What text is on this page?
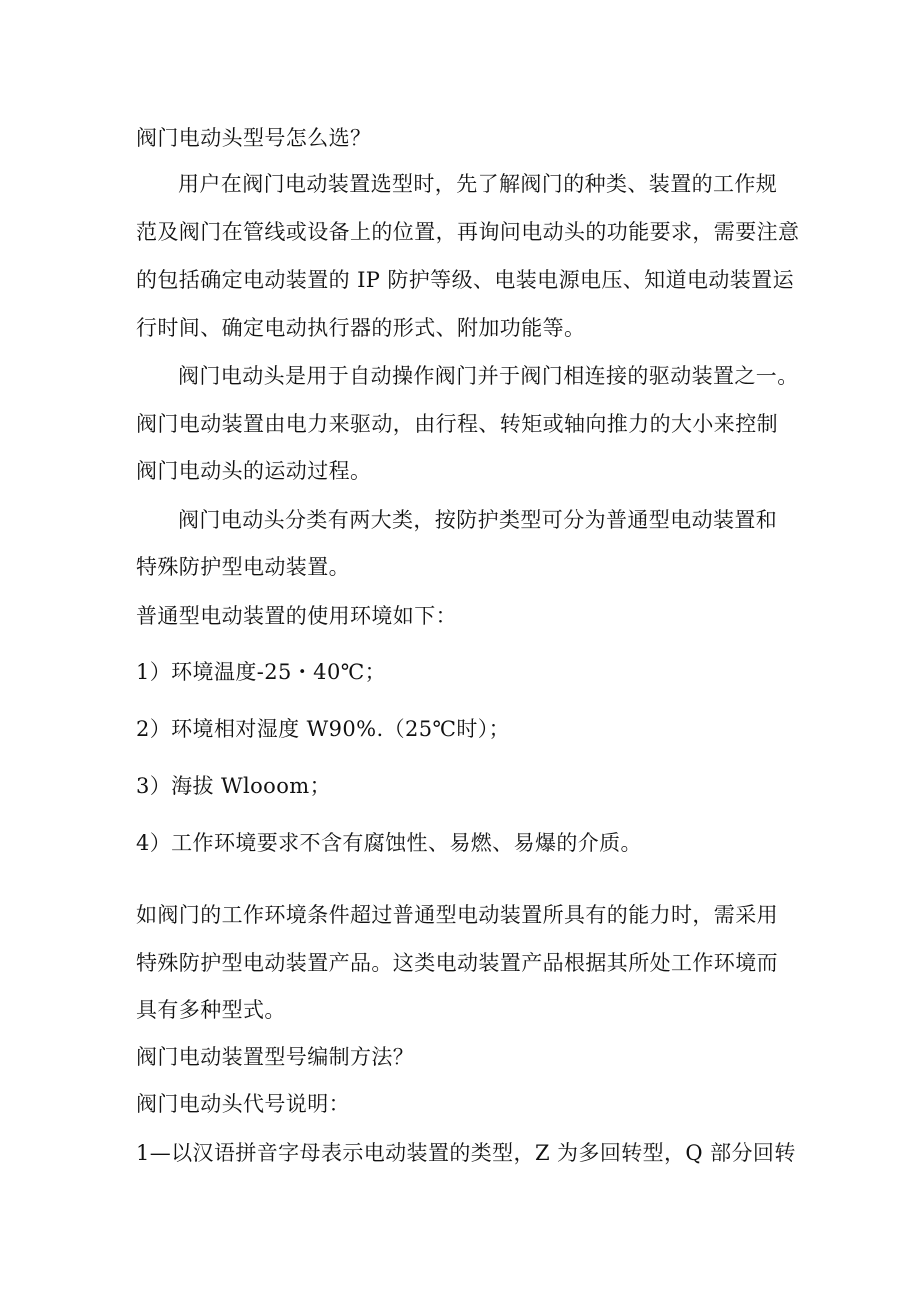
阀门电动头型号怎么选？
用户在阀门电动装置选型时，先了解阀门的种类、装置的工作规
范及阀门在管线或设备上的位置，再询问电动头的功能要求，需要注意
的包括确定电动装置的 IP 防护等级、电装电源电压、知道电动装置运
行时间、确定电动执行器的形式、附加功能等。
阀门电动头是用于自动操作阀门并于阀门相连接的驱动装置之一。
阀门电动装置由电力来驱动，由行程、转矩或轴向推力的大小来控制
阀门电动头的运动过程。
阀门电动头分类有两大类，按防护类型可分为普通型电动装置和
特殊防护型电动装置。
普通型电动装置的使用环境如下：
1）环境温度-25・40℃；
2）环境相对湿度 W90%.（25℃时）；
3）海拔 Wlooom；
4）工作环境要求不含有腐蚀性、易燃、易爆的介质。
如阀门的工作环境条件超过普通型电动装置所具有的能力时，需采用
特殊防护型电动装置产品。这类电动装置产品根据其所处工作环境而
具有多种型式。
阀门电动装置型号编制方法？
阀门电动头代号说明：
1—以汉语拼音字母表示电动装置的类型，Z 为多回转型，Q 部分回转
